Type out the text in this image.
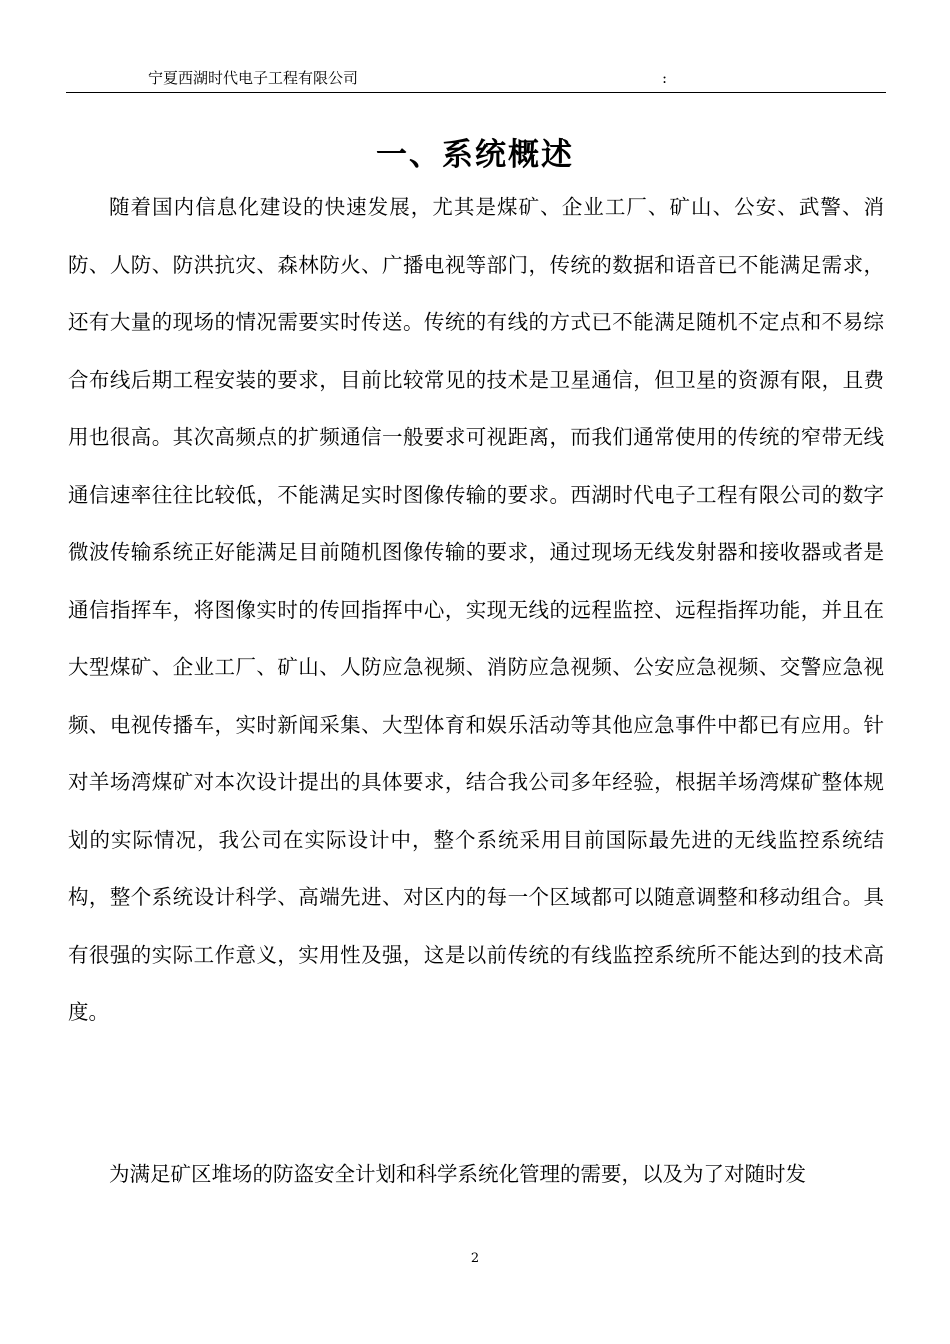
宁夏西湖时代电子工程有限公司	:
一、系统概述

随着国内信息化建设的快速发展，尤其是煤矿、企业工厂、矿山、公安、武警、消防、人防、防洪抗灾、森林防火、广播电视等部门，传统的数据和语音已不能满足需求，还有大量的现场的情况需要实时传送。传统的有线的方式已不能满足随机不定点和不易综合布线后期工程安装的要求，目前比较常见的技术是卫星通信，但卫星的资源有限，且费用也很高。其次高频点的扩频通信一般要求可视距离，而我们通常使用的传统的窄带无线通信速率往往比较低，不能满足实时图像传输的要求。西湖时代电子工程有限公司的数字微波传输系统正好能满足目前随机图像传输的要求，通过现场无线发射器和接收器或者是通信指挥车，将图像实时的传回指挥中心，实现无线的远程监控、远程指挥功能，并且在大型煤矿、企业工厂、矿山、人防应急视频、消防应急视频、公安应急视频、交警应急视频、电视传播车，实时新闻采集、大型体育和娱乐活动等其他应急事件中都已有应用。针对羊场湾煤矿对本次设计提出的具体要求，结合我公司多年经验，根据羊场湾煤矿整体规划的实际情况，我公司在实际设计中，整个系统采用目前国际最先进的无线监控系统结构，整个系统设计科学、高端先进、对区内的每一个区域都可以随意调整和移动组合。具有很强的实际工作意义，实用性及强，这是以前传统的有线监控系统所不能达到的技术高度。

为满足矿区堆场的防盗安全计划和科学系统化管理的需要，以及为了对随时发

2
